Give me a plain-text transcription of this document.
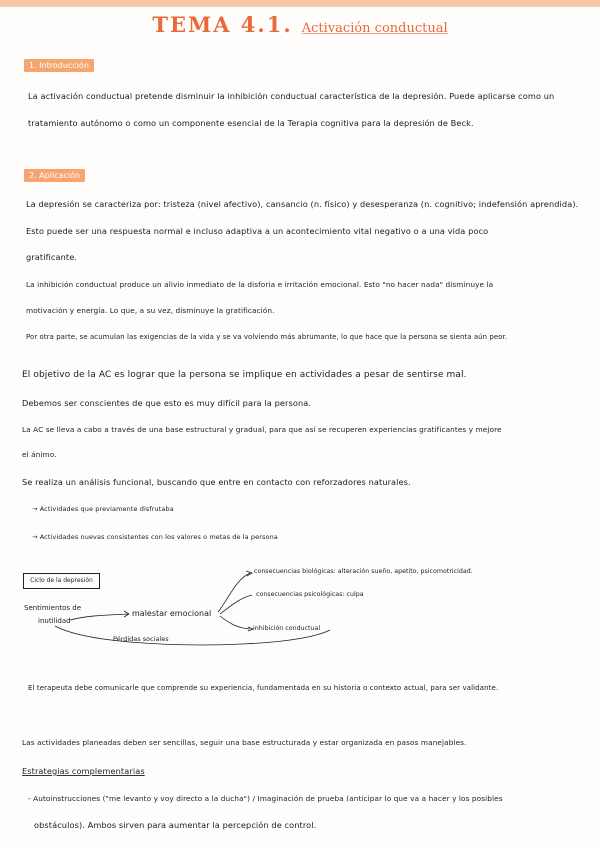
TEMA 4.1. Activación conductual
1. Introducción
La activación conductual pretende disminuir la inhibición conductual característica de la depresión. Puede aplicarse como un
tratamiento autónomo o como un componente esencial de la Terapia cognitiva para la depresión de Beck.
2. Aplicación
La depresión se caracteriza por: tristeza (nivel afectivo), cansancio (n. físico) y desesperanza (n. cognitivo; indefensión aprendida).
Esto puede ser una respuesta normal e incluso adaptiva a un acontecimiento vital negativo o a una vida poco
gratificante.
La inhibición conductual produce un alivio inmediato de la disforia e irritación emocional. Esto "no hacer nada" disminuye la
motivación y energía. Lo que, a su vez, disminuye la gratificación.
Por otra parte, se acumulan las exigencias de la vida y se va volviendo más abrumante, lo que hace que la persona se sienta aún peor.
El objetivo de la AC es lograr que la persona se implique en actividades a pesar de sentirse mal.
Debemos ser conscientes de que esto es muy difícil para la persona.
La AC se lleva a cabo a través de una base estructural y gradual, para que así se recuperen experiencias gratificantes y mejore
el ánimo.
Se realiza un análisis funcional, buscando que entre en contacto con reforzadores naturales.
→ Actividades que previamente disfrutaba
→ Actividades nuevas consistentes con los valores o metas de la persona
Ciclo de la depresión
Sentimientos de
inutilidad
malestar emocional
consecuencias biológicas: alteración sueño, apetito, psicomotricidad.
consecuencias psicológicas: culpa
inhibición conductual
Pérdidas sociales
El terapeuta debe comunicarle que comprende su experiencia, fundamentada en su historia o contexto actual, para ser validante.
Las actividades planeadas deben ser sencillas, seguir una base estructurada y estar organizada en pasos manejables.
Estrategias complementarias
- Autoinstrucciones ("me levanto y voy directo a la ducha") / Imaginación de prueba (anticipar lo que va a hacer y los posibles
obstáculos). Ambos sirven para aumentar la percepción de control.
